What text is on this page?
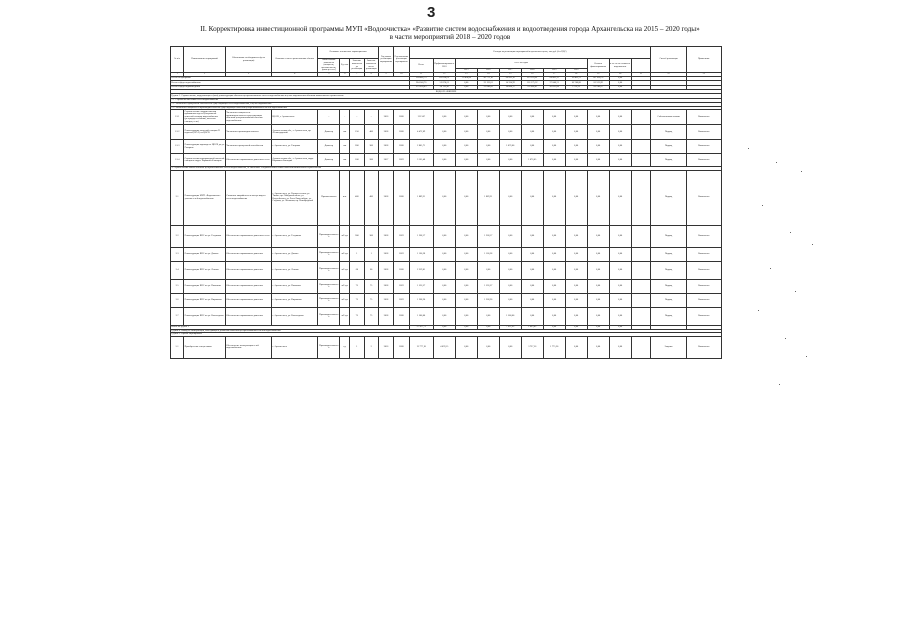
3
II. Корректировка инвестиционной программы МУП «Водоочистка» «Развитие систем водоснабжения и водоотведения города Архангельска на 2015 – 2020 годы»
в части мероприятий 2018 – 2020 годов
№ п/п	Наименование мероприятий	Обоснование необходимости (цель реализации)	Описание и место расположения объекта	Основные технические характеристики				Год начала реализации мероприятия	Год окончания реализации мероприятия	Расходы на реализацию мероприятий в прогнозных ценах, тыс.руб. (без НДС)											Способ реализации	Примечание
				Наименование показателя (мощность, протяженность, диаметр и т.п.)	Ед. изм.	Значение показателя до реализации	Значение показателя после реализации			Всего	Профинансировано к 2018	в т.ч. по годам						Остаток финансирования	в т.ч. за счет платы за подключение			
												2015	2016	2017	2018	2019	2020					
1	2	3	4	5	6	7	8	9	10	11	12	13	14	15	16	17	18	19	20	21	22	23
Всего по программе										564 086,79	103 990,51	75 468,88	45 773,10	28 419,36	225 163,81	68 883,25	16 466,21	147 664,76	0,00			
Всего в сфере водоснабжения										284 148,76	53 870,61	0,00	23 133,01	14 334,99	161 175,32	27 848,21	10 748,08	81 523,89	0,00			
Всего в сфере водоотведения										279 938,03	50 119,90	0,00	22 640,09	14 084,37	63 988,49	41 035,04	5 718,13	66 140,87	0,00			
ВОДОСНАБЖЕНИЕ																						
Группа 1. Строительство, модернизация и (или) реконструкция объектов централизованных систем водоснабжения в целях подключения объектов капитального строительства																						
1.1. Строительство новых сетей водоснабжения																						
1.2. Увеличение пропускной способности существующих сетей водоснабжения, в целях подключения																						
1.3. Увеличение мощности и производительности существующих объектов централизованных систем водоснабжения																						
1.3.1	Строительство станции очистки промывных вод на Центральной очистной станции водоснабжения (резервуар-отстойник, насосная станция, сети)	Увеличение мощности и производительности существующих объектов централизованной системы водоснабжения	ЦОСВ, г. Архангельск	-	-	-	-	2016	2020	112 347	0,00	0,00	0,00	0,00	0,00	0,00	0,00	0,00	0,00		Собственными силами	Выполнено
1.3.2	Реконструкция насосной станции II подъема (НС-2) на ЦОСВ	Увеличение производительности	Архангельская обл., г. Архангельск, пр. Ленинградский	Диаметр	мм	150	400	2018	2020	4 472,09	0,00	0,00	0,00	0,00	0,00	0,00	0,00	0,00	0,00		Подряд	Выполнено
1.3.3	Реконструкция водовода от ЦОСВ до ул. Гагарина	Увеличение пропускной способности	г. Архангельск, ул. Гагарина	Диаметр	мм	200	300	2018	2020	2 805,71	0,00	0,00	0,00	1 076,00	0,00	0,00	0,00	0,00	0,00		Подряд	Выполнено
1.3.4	Строительство водопроводной насосной станции в округе Варавино-Фактория	Обеспечение нормативного давления в сети	Архангельская обл., г. Архангельск, округ Варавино-Фактория	Диаметр	мм	100	200	2017	2019	3 165,48	0,00	0,00	0,00	0,00	1 076,05	0,00	0,00	0,00	0,00		Подряд	Выполнено
3. Строительство новых объектов централизованных систем водоснабжения, не связанных с подключением новых объектов капитального строительства																						
3.1	Реконструкция МУП «Водоочистка» участка сетей водоснабжения	Снижение аварийности и потерь воды в сетях водоснабжения	г. Архангельск, ул. Воскресенская; ул. Тимме; пр. Обводный канал; ул. Выучейского; ул. Розы Люксембург; ул. Садовая; ул. Логинова; пр. Новгородский	Протяженность	п.м.	486	486	2018	2020	1 889,31	0,00	0,00	1 889,31	0,00	0,00	0,00	0,00	0,00	0,00		Подряд	Выполнено
3.2	Реконструкция ВНС по ул. Галушина	Обеспечение нормативного давления в сети	г. Архангельск, ул. Галушина	Производительность	м3/сут	300	300	2018	2019	1 268,17	0,00	0,00	1 268,17	0,00	0,00	0,00	0,00	0,00	0,00		Подряд	Выполнено
3.3	Реконструкция ВНС по ул. Дачная	Обеспечение нормативного давления	г. Архангельск, ул. Дачная	Производительность	м3/сут	1	1	2018	2019	1 160,38	0,00	0,00	1 160,38	0,00	0,00	0,00	0,00	0,00	0,00		Подряд	Выполнено
3.4	Реконструкция ВНС по ул. Ленина	Обеспечение нормативного давления	г. Архангельск, ул. Ленина	Производительность	м3/сут	60	60	2018	2020	2 359,01	0,00	0,00	0,00	0,00	0,00	0,00	0,00	0,00	0,00		Подряд	Выполнено
3.5	Реконструкция ВНС по ул. Никитова	Обеспечение нормативного давления	г. Архангельск, ул. Никитова	Производительность	м3/сут	75	75	2018	2019	1 536,57	0,00	0,00	1 536,57	0,00	0,00	0,00	0,00	0,00	0,00		Подряд	Выполнено
3.6	Реконструкция ВНС по ул. Кировская	Обеспечение нормативного давления	г. Архангельск, ул. Кировская	Производительность	м3/сут	75	75	2018	2019	1 268,20	0,00	0,00	1 268,20	0,00	0,00	0,00	0,00	0,00	0,00		Подряд	Выполнено
3.7	Реконструкция ВНС по ул. Вологодская	Обеспечение нормативного давления	г. Архангельск, ул. Вологодская	Производительность	м3/сут	75	75	2018	2020	1 500,00	0,00	0,00	0,00	1 500,00	0,00	0,00	0,00	0,00	0,00		Подряд	Выполнено
Итого по группе 3										27 567,71	0,00	0,00	0,00	7 622,63	1 063,43	0,00	0,00	0,00	0,00			
Группа 4. Вывод из эксплуатации, консервация и демонтаж объектов централизованных систем водоснабжения																						
Группа 5. Прочие мероприятия																						
5.1	Приобретение спецтехники	Обеспечение эксплуатации сетей водоснабжения	г. Архангельск	Производительность	ед.	1	2	2016	2020	12 777,18	4 078,15	0,00	0,00	0,00	3 727,56	1 775,20	0,00	0,00	0,00		Закупка	Выполнено
